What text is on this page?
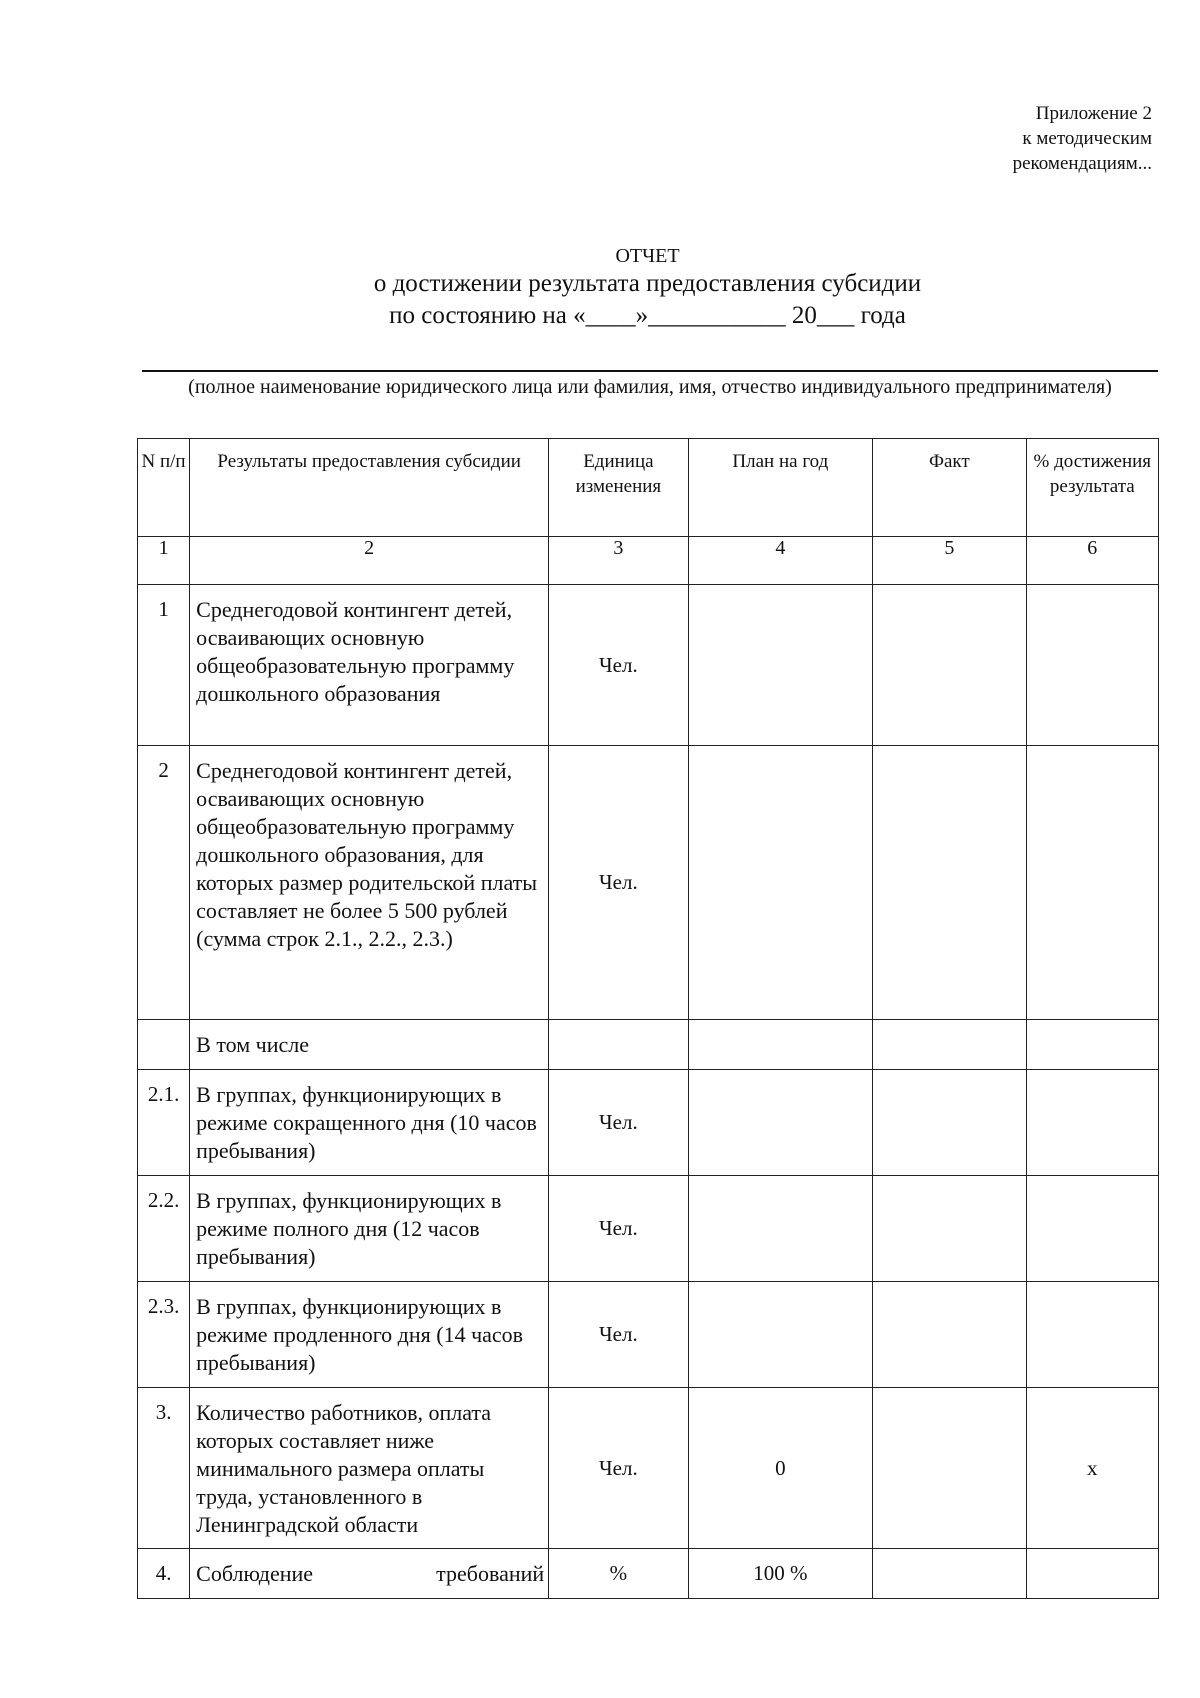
Приложение 2
к методическим
рекомендациям...
ОТЧЕТ
о достижении результата предоставления субсидии
по состоянию на «____»___________ 20___ года
(полное наименование юридического лица или фамилия, имя, отчество индивидуального предпринимателя)
N п/п	Результаты предоставления субсидии	Единица изменения	План на год	Факт	% достижения результата
1	2	3	4	5	6
1	Среднегодовой контингент детей, осваивающих основную общеобразовательную программу дошкольного образования	Чел.			
2	Среднегодовой контингент детей, осваивающих основную общеобразовательную программу дошкольного образования, для которых размер родительской платы составляет не более 5 500 рублей (сумма строк 2.1., 2.2., 2.3.)	Чел.			
	В том числе				
2.1.	В группах, функционирующих в режиме сокращенного дня (10 часов пребывания)	Чел.			
2.2.	В группах, функционирующих в режиме полного дня (12 часов пребывания)	Чел.			
2.3.	В группах, функционирующих в режиме продленного дня (14 часов пребывания)	Чел.			
3.	Количество работников, оплата которых составляет ниже минимального размера оплаты труда, установленного в Ленинградской области	Чел.	0		х
4.	Соблюдение требований	%	100 %		
